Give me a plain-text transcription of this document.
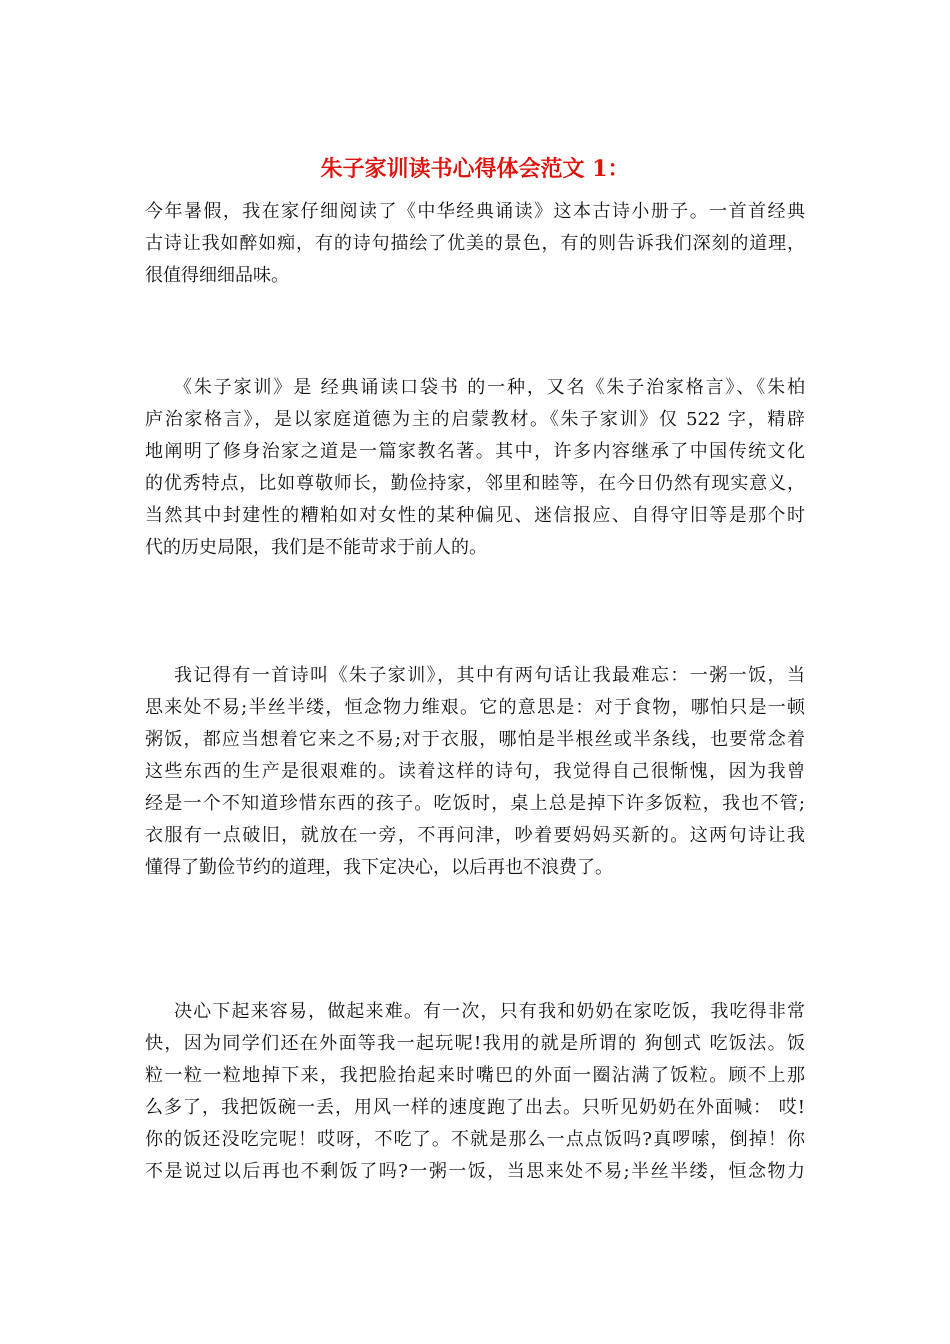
朱子家训读书心得体会范文 1：
今年暑假，我在家仔细阅读了《中华经典诵读》这本古诗小册子。一首首经典
古诗让我如醉如痴，有的诗句描绘了优美的景色，有的则告诉我们深刻的道理，
很值得细细品味。
《朱子家训》是 经典诵读口袋书 的一种，又名《朱子治家格言》、《朱柏
庐治家格言》，是以家庭道德为主的启蒙教材。《朱子家训》仅 522 字，精辟
地阐明了修身治家之道是一篇家教名著。其中，许多内容继承了中国传统文化
的优秀特点，比如尊敬师长，勤俭持家，邻里和睦等，在今日仍然有现实意义，
当然其中封建性的糟粕如对女性的某种偏见、迷信报应、自得守旧等是那个时
代的历史局限，我们是不能苛求于前人的。
我记得有一首诗叫《朱子家训》，其中有两句话让我最难忘：一粥一饭，当
思来处不易;半丝半缕，恒念物力维艰。它的意思是：对于食物，哪怕只是一顿
粥饭，都应当想着它来之不易;对于衣服，哪怕是半根丝或半条线，也要常念着
这些东西的生产是很艰难的。读着这样的诗句，我觉得自己很惭愧，因为我曾
经是一个不知道珍惜东西的孩子。吃饭时，桌上总是掉下许多饭粒，我也不管;
衣服有一点破旧，就放在一旁，不再问津，吵着要妈妈买新的。这两句诗让我
懂得了勤俭节约的道理，我下定决心，以后再也不浪费了。
决心下起来容易，做起来难。有一次，只有我和奶奶在家吃饭，我吃得非常
快，因为同学们还在外面等我一起玩呢!我用的就是所谓的 狗刨式 吃饭法。饭
粒一粒一粒地掉下来，我把脸抬起来时嘴巴的外面一圈沾满了饭粒。顾不上那
么多了，我把饭碗一丢，用风一样的速度跑了出去。只听见奶奶在外面喊： 哎!
你的饭还没吃完呢！哎呀，不吃了。不就是那么一点点饭吗?真啰嗦，倒掉！你
不是说过以后再也不剩饭了吗?一粥一饭，当思来处不易;半丝半缕，恒念物力
